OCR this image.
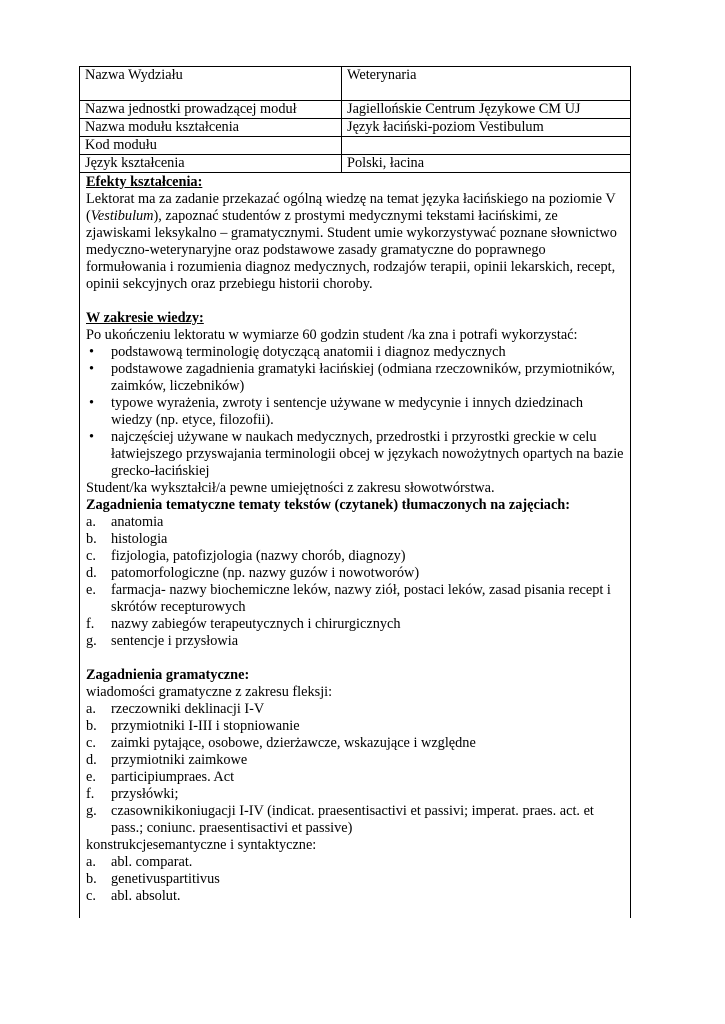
Nazwa Wydziału	Weterynaria
Nazwa jednostki prowadzącej moduł	Jagiellońskie Centrum Językowe CM UJ
Nazwa modułu kształcenia	Język łaciński-poziom Vestibulum
Kod modułu	
Język kształcenia	Polski, łacina

Efekty kształcenia:

Lektorat ma za zadanie przekazać ogólną wiedzę na temat języka łacińskiego na poziomie V (Vestibulum), zapoznać studentów z prostymi medycznymi tekstami łacińskimi, ze zjawiskami leksykalno – gramatycznymi. Student umie wykorzystywać poznane słownictwo medyczno-weterynaryjne oraz podstawowe zasady gramatyczne do poprawnego formułowania i rozumienia diagnoz medycznych, rodzajów terapii, opinii lekarskich, recept, opinii sekcyjnych oraz przebiegu historii choroby.

W zakresie wiedzy:

Po ukończeniu lektoratu w wymiarze 60 godzin student /ka zna i potrafi wykorzystać:

• podstawową terminologię dotyczącą anatomii i diagnoz medycznych
• podstawowe zagadnienia gramatyki łacińskiej (odmiana rzeczowników, przymiotników, zaimków, liczebników)
• typowe wyrażenia, zwroty i sentencje używane w medycynie i innych dziedzinach wiedzy (np. etyce, filozofii).
• najczęściej używane w naukach medycznych, przedrostki i przyrostki greckie w celu łatwiejszego przyswajania terminologii obcej w językach nowożytnych opartych na bazie grecko-łacińskiej

Student/ka wykształcił/a pewne umiejętności z zakresu słowotwórstwa.

Zagadnienia tematyczne tematy tekstów (czytanek) tłumaczonych na zajęciach:

a. anatomia
b. histologia
c. fizjologia, patofizjologia (nazwy chorób, diagnozy)
d. patomorfologiczne (np. nazwy guzów i nowotworów)
e. farmacja- nazwy biochemiczne leków, nazwy ziół, postaci leków, zasad pisania recept i skrótów recepturowych
f. nazwy zabiegów terapeutycznych i chirurgicznych
g. sentencje i przysłowia

Zagadnienia gramatyczne:

wiadomości gramatyczne z zakresu fleksji:

a. rzeczowniki deklinacji I-V
b. przymiotniki I-III i stopniowanie
c. zaimki pytające, osobowe, dzierżawcze, wskazujące i względne
d. przymiotniki zaimkowe
e. participiumpraes. Act
f. przysłówki;
g. czasownikikoniugacji I-IV (indicat. praesentisactivi et passivi; imperat. praes. act. et pass.; coniunc. praesentisactivi et passive)

konstrukcjesemantyczne i syntaktyczne:

a. abl. comparat.
b. genetivuspartitivus
c. abl. absolut.
